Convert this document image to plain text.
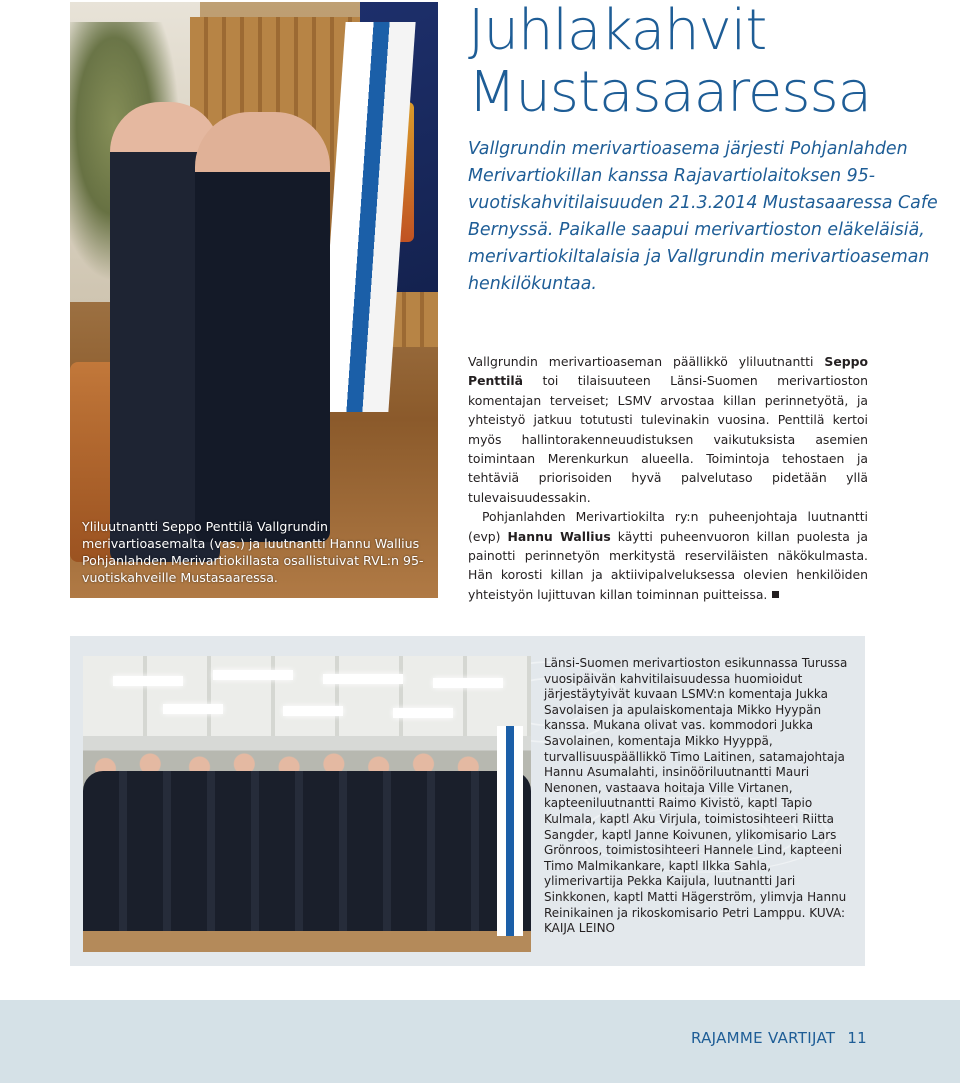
Yliluutnantti Seppo Penttilä Vallgrundin merivartioasemalta (vas.) ja luutnantti Hannu Wallius Pohjanlahden Merivartiokillasta osallistuivat RVL:n 95-vuotiskahveille Mustasaaressa.
Juhlakahvit
Mustasaaressa
Vallgrundin merivartioasema järjesti Pohjanlahden Merivartiokillan kanssa Rajavartiolaitoksen 95-vuotiskahvitilaisuuden 21.3.2014 Mustasaaressa Cafe Bernyssä. Paikalle saapui merivartioston eläkeläisiä, merivartiokiltalaisia ja Vallgrundin merivartioaseman henkilökuntaa.

Vallgrundin merivartioaseman päällikkö yliluutnantti Seppo Penttilä toi tilaisuuteen Länsi-Suomen merivartioston komentajan terveiset; LSMV arvostaa killan perinnetyötä, ja yhteistyö jatkuu totutusti tulevinakin vuosina. Penttilä kertoi myös hallintorakenneuudistuksen vaikutuksista asemien toimintaan Merenkurkun alueella. Toimintoja tehostaen ja tehtäviä priorisoiden hyvä palvelutaso pidetään yllä tulevaisuudessakin.

Pohjanlahden Merivartiokilta ry:n puheenjohtaja luutnantti (evp) Hannu Wallius käytti puheenvuoron killan puolesta ja painotti perinnetyön merkitystä reserviläisten näkökulmasta. Hän korosti killan ja aktiivipalveluksessa olevien henkilöiden yhteistyön lujittuvan killan toiminnan puitteissa.

Länsi-Suomen merivartioston esikunnassa Turussa vuosipäivän kahvitilaisuudessa huomioidut järjestäytyivät kuvaan LSMV:n komentaja Jukka Savolaisen ja apulaiskomentaja Mikko Hyypän kanssa. Mukana olivat vas. kommodori Jukka Savolainen, komentaja Mikko Hyyppä, turvallisuuspäällikkö Timo Laitinen, satamajohtaja Hannu Asumalahti, insinööriluutnantti Mauri Nenonen, vastaava hoitaja Ville Virtanen, kapteeniluutnantti Raimo Kivistö, kaptl Tapio Kulmala, kaptl Aku Virjula, toimistosihteeri Riitta Sangder, kaptl Janne Koivunen, ylikomisario Lars Grönroos, toimistosihteeri Hannele Lind, kapteeni Timo Malmikankare, kaptl Ilkka Sahla, ylimerivartija Pekka Kaijula, luutnantti Jari Sinkkonen, kaptl Matti Hägerström, ylimvja Hannu Reinikainen ja rikoskomisario Petri Lamppu. KUVA: KAIJA LEINO
RAJAMME VARTIJAT 11
